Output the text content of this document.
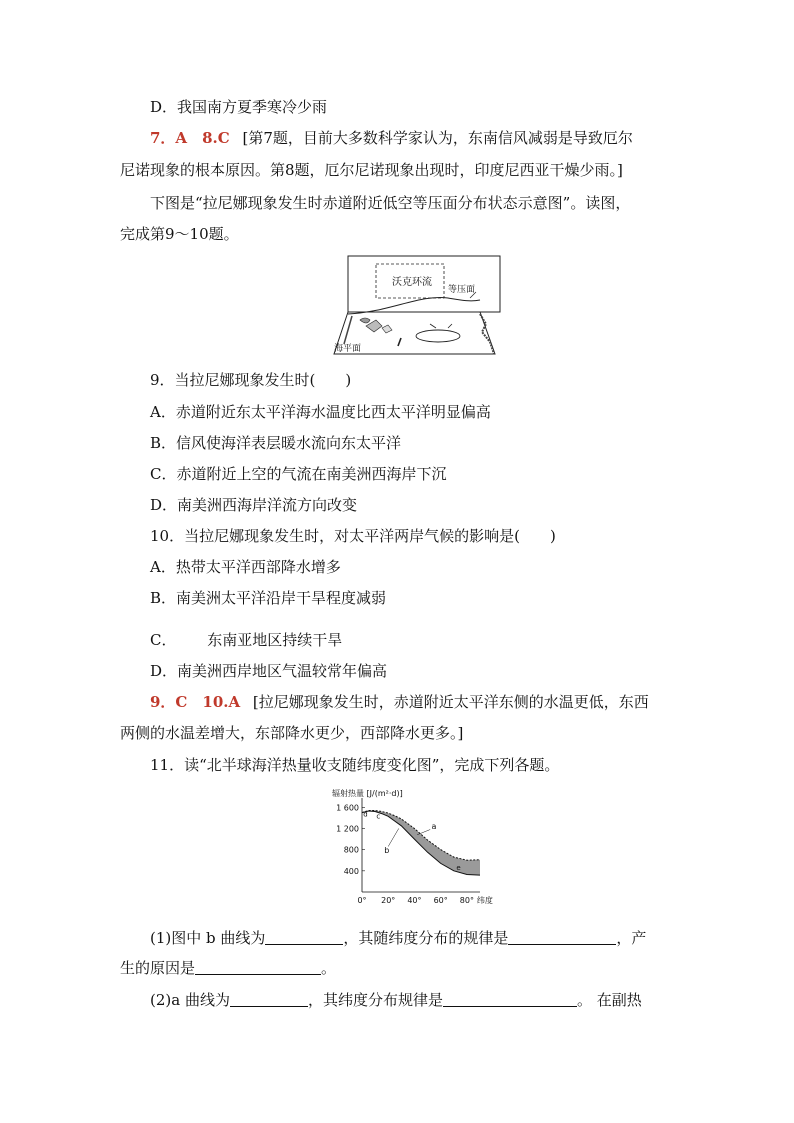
D．我国南方夏季寒冷少雨
7．A　8.C [第7题，目前大多数科学家认为，东南信风减弱是导致厄尔
尼诺现象的根本原因。第8题，厄尔尼诺现象出现时，印度尼西亚干燥少雨。]
下图是“拉尼娜现象发生时赤道附近低空等压面分布状态示意图”。读图，
完成第9～10题。
沃克环流
等压面
海平面
9．当拉尼娜现象发生时(　　)
A．赤道附近东太平洋海水温度比西太平洋明显偏高
B．信风使海洋表层暖水流向东太平洋
C．赤道附近上空的气流在南美洲西海岸下沉
D．南美洲西海岸洋流方向改变
10．当拉尼娜现象发生时，对太平洋两岸气候的影响是(　　)
A．热带太平洋西部降水增多
B．南美洲太平洋沿岸干旱程度减弱
C． 东南亚地区持续干旱
D．南美洲西岸地区气温较常年偏高
9．C　10.A [拉尼娜现象发生时，赤道附近太平洋东侧的水温更低，东西
两侧的水温差增大，东部降水更少，西部降水更多。]
11．读“北半球海洋热量收支随纬度变化图”，完成下列各题。
辐射热量 [J/(m²·d)]
400
800
1 200
1 600
0° 20° 40° 60° 80° 纬度
d c
a
b
e
(1)图中 b 曲线为	，其随纬度分布的规律是	，产
生的原因是	。
(2)a 曲线为	，其纬度分布规律是	。 在副热
